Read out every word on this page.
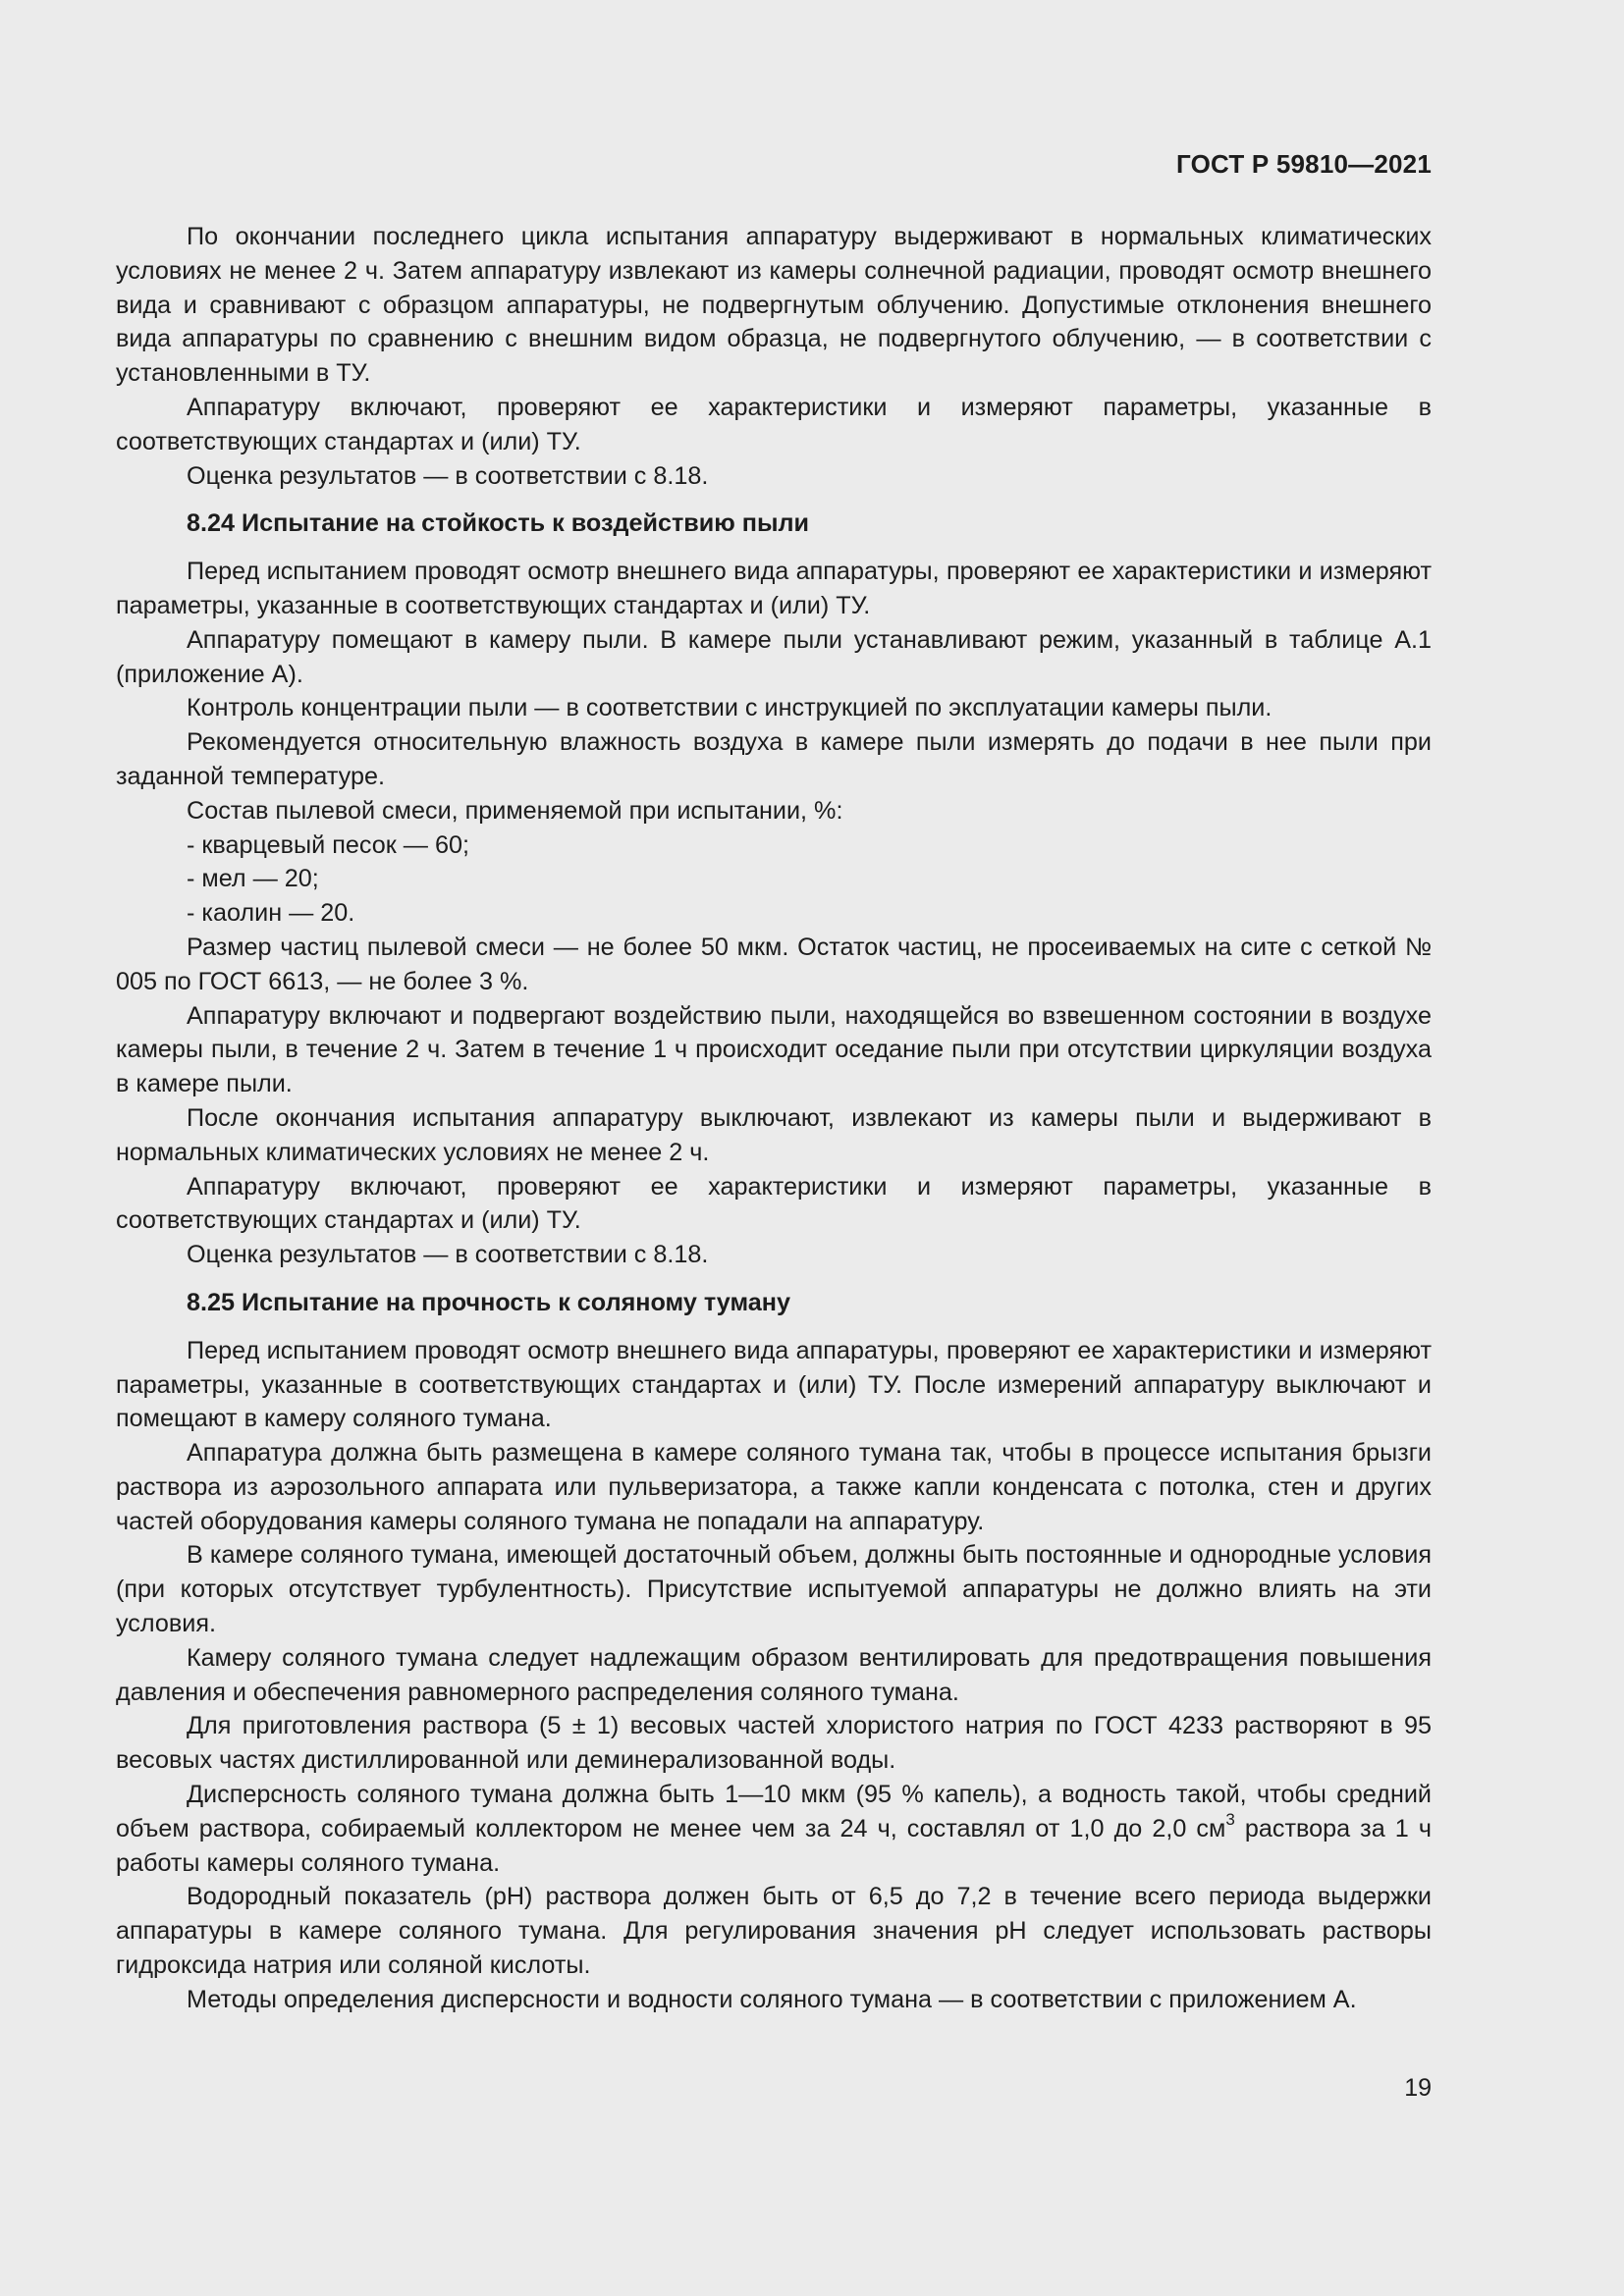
ГОСТ Р 59810—2021

По окончании последнего цикла испытания аппаратуру выдерживают в нормальных климатических условиях не менее 2 ч. Затем аппаратуру извлекают из камеры солнечной радиации, проводят осмотр внешнего вида и сравнивают с образцом аппаратуры, не подвергнутым облучению. Допустимые отклонения внешнего вида аппаратуры по сравнению с внешним видом образца, не подвергнутого облучению, — в соответствии с установленными в ТУ.

Аппаратуру включают, проверяют ее характеристики и измеряют параметры, указанные в соответствующих стандартах и (или) ТУ.

Оценка результатов — в соответствии с 8.18.

8.24 Испытание на стойкость к воздействию пыли

Перед испытанием проводят осмотр внешнего вида аппаратуры, проверяют ее характеристики и измеряют параметры, указанные в соответствующих стандартах и (или) ТУ.

Аппаратуру помещают в камеру пыли. В камере пыли устанавливают режим, указанный в таблице А.1 (приложение А).

Контроль концентрации пыли — в соответствии с инструкцией по эксплуатации камеры пыли.

Рекомендуется относительную влажность воздуха в камере пыли измерять до подачи в нее пыли при заданной температуре.

Состав пылевой смеси, применяемой при испытании, %:

- кварцевый песок — 60;

- мел — 20;

- каолин — 20.

Размер частиц пылевой смеси — не более 50 мкм. Остаток частиц, не просеиваемых на сите с сеткой № 005 по ГОСТ 6613, — не более 3 %.

Аппаратуру включают и подвергают воздействию пыли, находящейся во взвешенном состоянии в воздухе камеры пыли, в течение 2 ч. Затем в течение 1 ч происходит оседание пыли при отсутствии циркуляции воздуха в камере пыли.

После окончания испытания аппаратуру выключают, извлекают из камеры пыли и выдерживают в нормальных климатических условиях не менее 2 ч.

Аппаратуру включают, проверяют ее характеристики и измеряют параметры, указанные в соответствующих стандартах и (или) ТУ.

Оценка результатов — в соответствии с 8.18.

8.25 Испытание на прочность к соляному туману

Перед испытанием проводят осмотр внешнего вида аппаратуры, проверяют ее характеристики и измеряют параметры, указанные в соответствующих стандартах и (или) ТУ. После измерений аппаратуру выключают и помещают в камеру соляного тумана.

Аппаратура должна быть размещена в камере соляного тумана так, чтобы в процессе испытания брызги раствора из аэрозольного аппарата или пульверизатора, а также капли конденсата с потолка, стен и других частей оборудования камеры соляного тумана не попадали на аппаратуру.

В камере соляного тумана, имеющей достаточный объем, должны быть постоянные и однородные условия (при которых отсутствует турбулентность). Присутствие испытуемой аппаратуры не должно влиять на эти условия.

Камеру соляного тумана следует надлежащим образом вентилировать для предотвращения повышения давления и обеспечения равномерного распределения соляного тумана.

Для приготовления раствора (5 ± 1) весовых частей хлористого натрия по ГОСТ 4233 растворяют в 95 весовых частях дистиллированной или деминерализованной воды.

Дисперсность соляного тумана должна быть 1—10 мкм (95 % капель), а водность такой, чтобы средний объем раствора, собираемый коллектором не менее чем за 24 ч, составлял от 1,0 до 2,0 $см^3$ раствора за 1 ч работы камеры соляного тумана.

Водородный показатель (рН) раствора должен быть от 6,5 до 7,2 в течение всего периода выдержки аппаратуры в камере соляного тумана. Для регулирования значения рН следует использовать растворы гидроксида натрия или соляной кислоты.

Методы определения дисперсности и водности соляного тумана — в соответствии с приложением А.

19
